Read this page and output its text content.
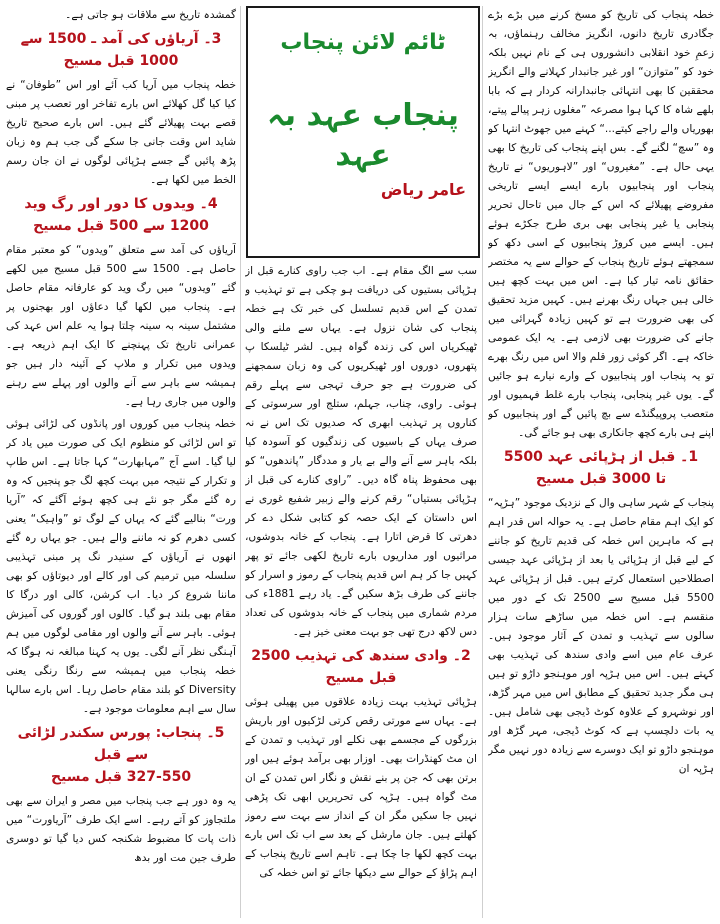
ٹائم لائن پنجاب
پنجاب عہد بہ عہد
عامر ریاض

خطہ پنجاب کی تاریخ کو مسخ کرنے میں بڑے بڑے جگادری تاریخ دانوں، انگریز مخالف رہنماؤں، بہ زعمِ خود انقلابی دانشوروں ہی کے نام نہیں بلکہ خود کو ”متوازن“ اور غیر جانبدار کہلانے والے انگریز محققین کا بھی انتہائی جانبدارانہ کردار ہے کہ بابا بلھے شاہ کا کہا ہوا مصرعہ ”مغلوں زہر پیالے پیتے، بھوریاں والے راجے کیتے...“ کہنے میں جھوٹ انتہا کو وہ ”سچ“ لگنے گے۔ بس اپنے پنجاب کی تاریخ کا بھی یہی حال ہے۔ ”مغیروں“ اور ”لاہوریوں“ نے تاریخ پنجاب اور پنجابیوں بارے ایسے ایسے تاریخی مفروضے پھیلائے کہ اس کے جال میں تاحال تحریر پنجابی یا غیر پنجابی بھی بری طرح جکڑے ہوئے ہیں۔ ایسے میں کروڑ پنجابیوں کے اسی دکھ کو سمجھتے ہوئے تاریخ پنجاب کے حوالے سے یہ مختصر حقائق نامہ تیار کیا ہے۔ اس میں بہت کچھ ہیں خالی ہیں جہاں رنگ بھرنے ہیں۔ کہیں مزید تحقیق کی بھی ضرورت ہے تو کہیں زیادہ گہرائی میں جانے کی ضرورت بھی لازمی ہے۔ یہ ایک عمومی خاکہ ہے۔ اگر کوئی زور قلم والا اس میں رنگ بھرے تو یہ پنجاب اور پنجابیوں کے وارے نیارے ہو جائیں گے۔ یوں غیر پنجابی، پنجاب بارے غلط فہمیوں اور متعصب پروپیگنڈے سے بچ پائیں گے اور پنجابیوں کو اپنے ہی بارے کچھ جانکاری بھی ہو جائے گی۔

1۔ قبل از ہڑپائی عہد 5500
تا 3000 قبل مسیح

پنجاب کے شہر ساہی وال کے نزدیک موجود ”ہڑپہ“ کو ایک اہم مقام حاصل ہے۔ یہ حوالہ اس قدر اہم ہے کہ ماہرین اس خطہ کی قدیم تاریخ کو جاننے کے لیے قبل از ہڑپائی یا بعد از ہڑپائی عہد جیسی اصطلاحیں استعمال کرتے ہیں۔ قبل از ہڑپائی عہد 5500 قبل مسیح سے 2500 تک کے دور میں منقسم ہے۔ اس خطہ میں ساڑھے سات ہزار سالوں سے تہذیب و تمدن کے آثار موجود ہیں۔ عرف عام میں اسے وادی سندھ کی تہذیب بھی کہتے ہیں۔ اس میں ہڑپہ اور موہنجو داڑو تو ہیں ہی مگر جدید تحقیق کے مطابق اس میں مہر گڑھ، اور نوشہرو کے علاوہ کوٹ ڈیجی بھی شامل ہیں۔ یہ بات دلچسپ ہے کہ کوٹ ڈیجی، مہر گڑھ اور موہنجو داڑو تو ایک دوسرے سے زیادہ دور نہیں مگر ہڑپہ ان

سب سے الگ مقام ہے۔ اب جب راوی کنارے قبل از ہڑپائی بستیوں کی دریافت ہو چکی ہے تو تہذیب و تمدن کے اس قدیم تسلسل کی خبر تک ہے خطہ پنجاب کی شان نزول ہے۔ یہاں سے ملنے والی ٹھیکریاں اس کی زندہ گواہ ہیں۔ لشر ٹیلسکا پ پتھروں، دوروں اور ٹھیکریوں کی وہ زبان سمجھنے کی ضرورت ہے جو حرف تہجی سے پہلے رقم ہوئی۔ راوی، چناب، جہلم، ستلج اور سرسوتی کے کناروں پر تہذیب ابھری کہ صدیوں تک اس نے نہ صرف یہاں کے باسیوں کی زندگیوں کو آسودہ کیا بلکہ باہر سے آنے والے بے یار و مددگار ”پاندھوں“ کو بھی محفوظ پناہ گاہ دیں۔ ”راوی کنارے کی قبل از ہڑپائی بستیاں“ رقم کرنے والے زبیر شفیع غوری نے اس داستان کے ایک حصہ کو کتابی شکل دے کر دھرتی کا قرض اتارا ہے۔ پنجاب کے خانہ بدوشوں، مراثیوں اور مداریوں بارے تاریخ لکھی جائے تو پھر کہیں جا کر ہم اس قدیم پنجاب کے رموز و اسرار کو جاننے کی طرف بڑھ سکیں گے۔ یاد رہے 1881ء کی مردم شماری میں پنجاب کے خانہ بدوشوں کی تعداد دس لاکھ درج تھی جو بہت معنی خیز ہے۔

2۔ وادی سندھ کی تہذیب 2500 قبل مسیح

ہڑپائی تہذیب بہت زیادہ علاقوں میں پھیلی ہوئی ہے۔ یہاں سے مورتی رقص کرتی لڑکیوں اور باریش بزرگوں کے مجسمے بھی نکلے اور تہذیب و تمدن کے ان مٹ کھنڈرات بھی۔ اوزار بھی برآمد ہوئے ہیں اور برتن بھی کہ جن پر بنے نقش و نگار اس تمدن کے ان مٹ گواہ ہیں۔ ہڑپہ کی تحریریں ابھی تک پڑھی نہیں جا سکیں مگر ان کے انداز سے بہت سے رموز کھلتے ہیں۔ جان مارشل کے بعد سے اب تک اس بارے بہت کچھ لکھا جا چکا ہے۔ تاہم اسے تاریخ پنجاب کے اہم پڑاؤ کے حوالے سے دیکھا جائے تو اس خطہ کی

گمشدہ تاریخ سے ملاقات ہو جاتی ہے۔

3۔ آریاؤں کی آمد ـ 1500 سے
1000 قبل مسیح

خطہ پنجاب میں آریا کب آئے اور اس ”طوفان“ نے کیا کیا گل کھلائے اس بارے تفاخر اور تعصب پر مبنی قصے بہت پھیلائے گئے ہیں۔ اس بارے صحیح تاریخ شاید اس وقت جانی جا سکے گی جب ہم وہ زبان پڑھ پائیں گے جسے ہڑپائی لوگوں نے ان جان رسم الخط میں لکھا ہے۔

4۔ ویدوں کا دور اور رگ وید
1200 سے 500 قبل مسیح

آریاؤں کی آمد سے متعلق ”ویدوں“ کو معتبر مقام حاصل ہے۔ 1500 سے 500 قبل مسیح میں لکھے گئے ”ویدوں“ میں رگ وید کو عارفانہ مقام حاصل ہے۔ پنجاب میں لکھا گیا دعاؤں اور بھجنوں پر مشتمل سینہ بہ سینہ چلتا ہوا یہ علم اس عہد کی عمرانی تاریخ تک پہنچنے کا ایک اہم ذریعہ ہے۔ ویدوں میں تکرار و ملاپ کے آئینہ دار ہیں جو ہمیشہ سے باہر سے آنے والوں اور پہلے سے رہنے والوں میں جاری رہا ہے۔

خطہ پنجاب میں کوروں اور پانڈوں کی لڑائی ہوئی تو اس لڑائی کو منظوم ایک کی صورت میں یاد کر لیا گیا۔ اسے آج ”مہابھارت“ کہا جاتا ہے۔ اس طاپ و تکرار کے نتیجہ میں بہت کچھ لگ جو پنجیں کہ وہ رہ گئے مگر جو نئے ہی کچھ ہوئے آگئے کہ ”آریا ورت“ بنالیے گئے کہ یہاں کے لوگ تو ”واہیک“ یعنی کسی دھرم کو نہ ماننے والے ہیں۔ جو یہاں رہ گئے انھوں نے آریاؤں کے سنیدر نگ پر مبنی تہذیبی سلسلہ میں ترمیم کی اور کالے اور دیوتاؤں کو بھی ماننا شروع کر دیا۔ اب کرشن، کالی اور درگا کا مقام بھی بلند ہو گیا۔ کالوں اور گوروں کی آمیزش ہوئی۔ باہر سے آنے والوں اور مقامی لوگوں میں ہم آہنگی نظر آنے لگی۔ یوں یہ کہنا مبالغہ نہ ہوگا کہ خطہ پنجاب میں ہمیشہ سے رنگا رنگی یعنی Diversity کو بلند مقام حاصل رہا۔ اس بارے سالہا سال سے اہم معلومات موجود ہے۔

5۔ پنجاب: پورس سکندر لڑائی سے قبل
327-550 قبل مسیح

یہ وہ دور ہے جب پنجاب میں مصر و ایران سے بھی ملتجاوز کو آتے رہے۔ اسے ایک طرف ”آریاورت“ میں ذات پات کا مضبوط شکنجہ کس دیا گیا تو دوسری طرف جین مت اور بدھ
